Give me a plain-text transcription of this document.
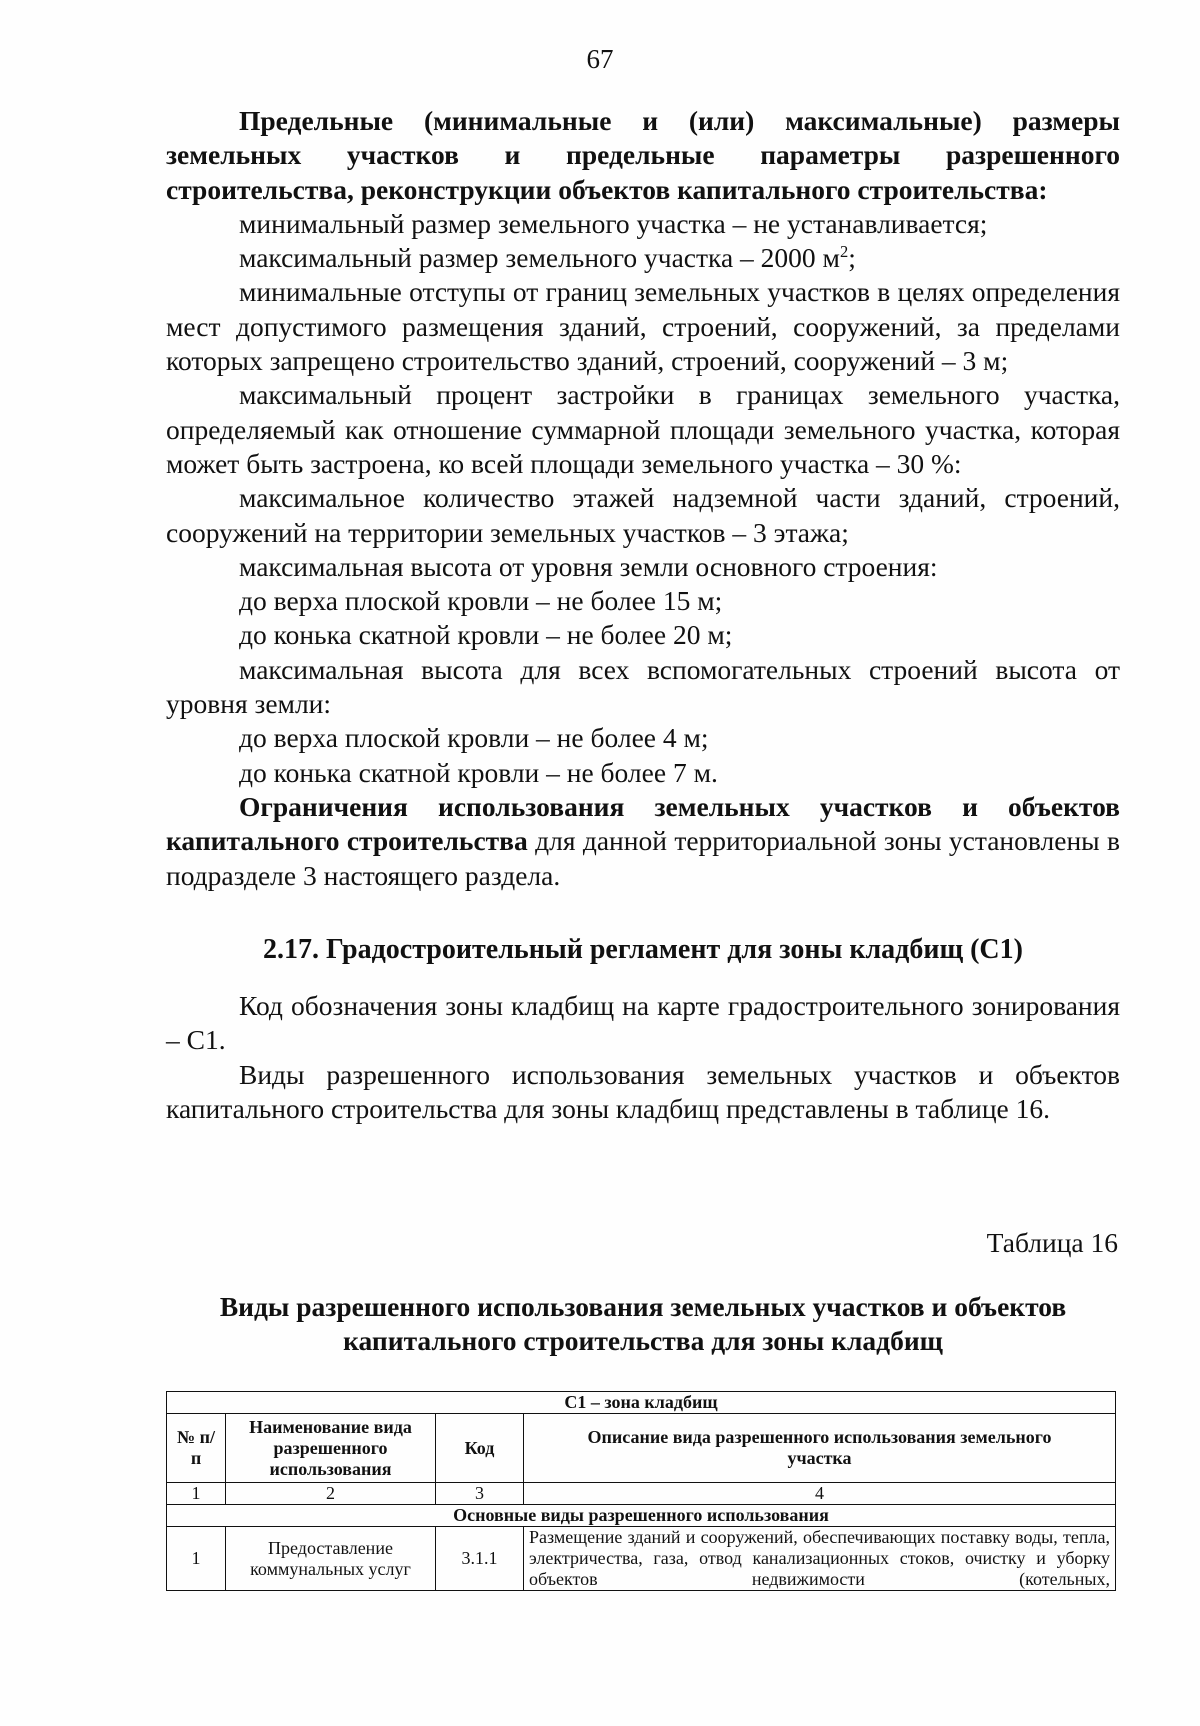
67

Предельные (минимальные и (или) максимальные) размеры земельных участков и предельные параметры разрешенного строительства, реконструкции объектов капитального строительства:

минимальный размер земельного участка – не устанавливается;

максимальный размер земельного участка – 2000 $м^2$;

минимальные отступы от границ земельных участков в целях определения мест допустимого размещения зданий, строений, сооружений, за пределами которых запрещено строительство зданий, строений, сооружений – 3 м;

максимальный процент застройки в границах земельного участка, определяемый как отношение суммарной площади земельного участка, которая может быть застроена, ко всей площади земельного участка – 30 %:

максимальное количество этажей надземной части зданий, строений, сооружений на территории земельных участков – 3 этажа;

максимальная высота от уровня земли основного строения:

до верха плоской кровли – не более 15 м;

до конька скатной кровли – не более 20 м;

максимальная высота для всех вспомогательных строений высота от уровня земли:

до верха плоской кровли – не более 4 м;

до конька скатной кровли – не более 7 м.

Ограничения использования земельных участков и объектов капитального строительства для данной территориальной зоны установлены в подразделе 3 настоящего раздела.

2.17. Градостроительный регламент для зоны кладбищ (С1)

Код обозначения зоны кладбищ на карте градостроительного зонирования – С1.

Виды разрешенного использования земельных участков и объектов капитального строительства для зоны кладбищ представлены в таблице 16.

Таблица 16
Виды разрешенного использования земельных участков и объектов
капитального строительства для зоны кладбищ
С1 – зона кладбищ			
№ п/п	Наименование вида разрешенного использования	Код	Описание вида разрешенного использования земельного участка
1	2	3	4
Основные виды разрешенного использования			
1	Предоставление коммунальных услуг	3.1.1	Размещение зданий и сооружений, обеспечивающих поставку воды, тепла, электричества, газа, отвод канализационных стоков, очистку и уборку объектов недвижимости (котельных,
